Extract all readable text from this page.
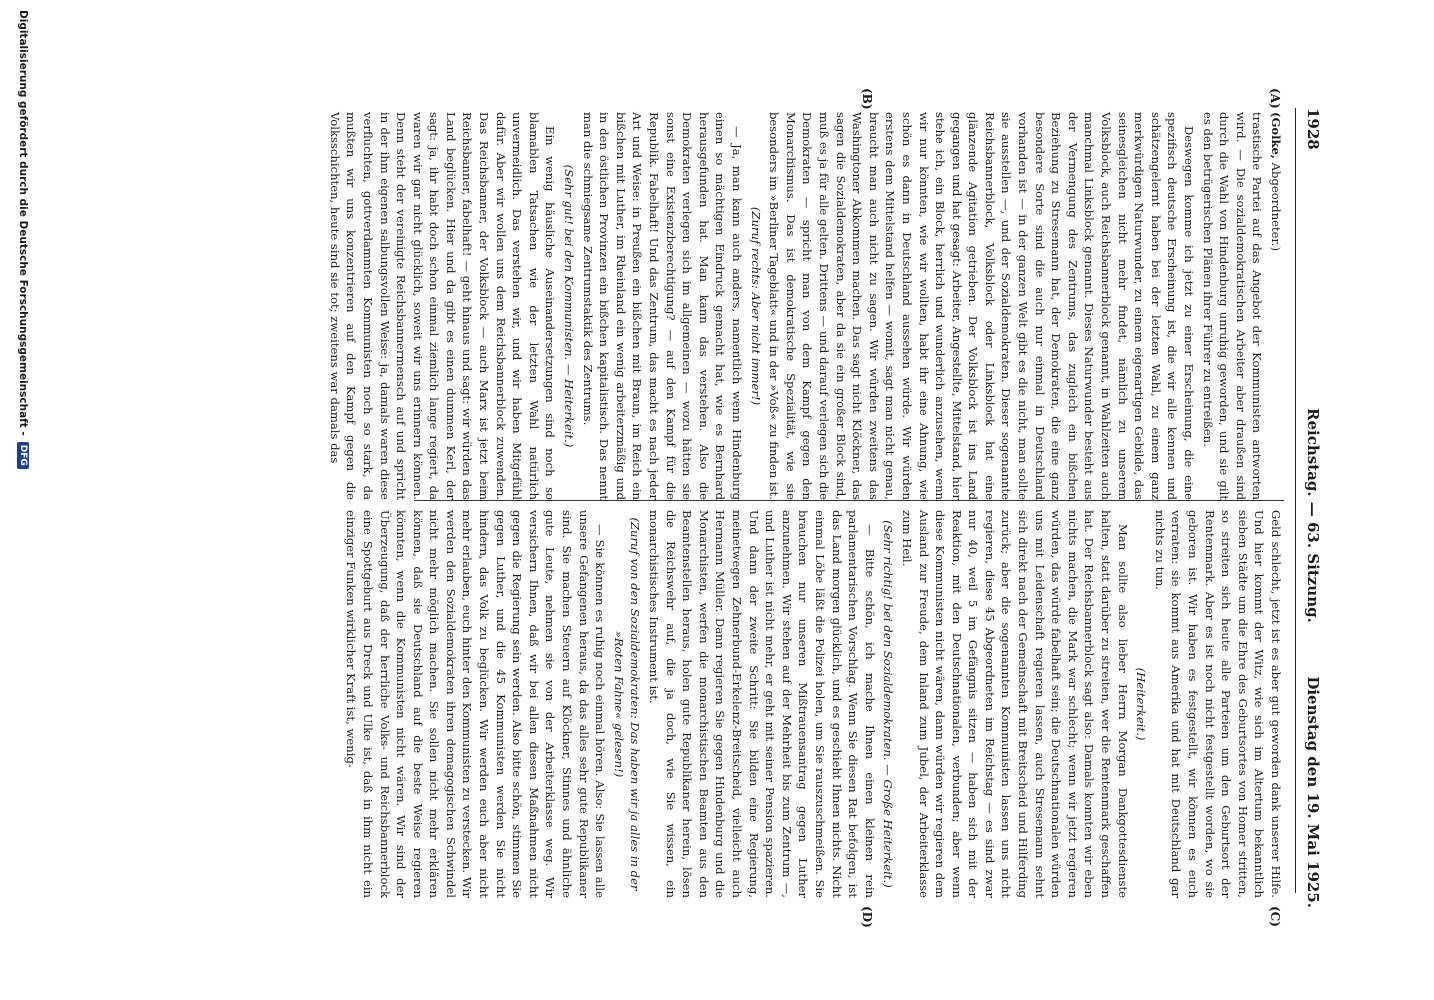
1928
Reichstag. — 63. Sitzung.
Dienstag den 19. Mai 1925.
(A)
(B)
(C)
(D)

(Golke, Abgeordneter.)

trastische Partei auf das Angebot der Kommunisten antworten wird. — Die sozialdemokratischen Arbeiter aber draußen sind durch die Wahl von Hindenburg unruhig geworden, und sie gilt es den betrügerischen Plänen ihrer Führer zu entreißen.

Deswegen komme ich jetzt zu einer Erscheinung, die eine spezifisch deutsche Erscheinung ist, die wir alle kennen und schätzengelernt haben bei der letzten Wahl, zu einem ganz merkwürdigen Naturwunder, zu einem eigenartigen Gebilde, das seinesgleichen nicht mehr findet, nämlich zu unserem Volksblock, auch Reichsbannerblock genannt, in Wahlzeiten auch manchmal Linksblock genannt. Dieses Naturwunder besteht aus der Vermengung des Zentrums, das zugleich ein bißchen Beziehung zu Stresemann hat, der Demokraten, die eine ganz besondere Sorte sind die auch nur einmal in Deutschland vorhanden ist — in der ganzen Welt gibt es die nicht, man sollte sie ausstellen —, und der Sozialdemokraten. Dieser sogenannte Reichsbannerblock, Volksblock oder Linksblock hat eine glänzende Agitation getrieben. Der Volksblock ist ins Land gegangen und hat gesagt: Arbeiter, Angestellte, Mittelstand, hier stehe ich, ein Block, herrlich und wunderlich anzusehen, wenn wir nur könnten, wie wir wollten, habt ihr eine Ahnung, wie schön es dann in Deutschland aussehen würde. Wir würden erstens dem Mittelstand helfen — womit, sagt man nicht genau, braucht man auch nicht zu sagen. Wir würden zweitens das Washingtoner Abkommen machen. Das sagt nicht Klöckner, das sagen die Sozialdemokraten, aber da sie ein großer Block sind, muß es ja für alle gelten. Drittens — und darauf verlegen sich die Demokraten — spricht man von dem Kampf gegen den Monarchismus. Das ist demokratische Spezialität, wie sie besonders im »Berliner Tageblatt« und in der »Voß« zu finden ist.

(Zuruf rechts: Aber nicht immer!)

— Ja, man kann auch anders, namentlich wenn Hindenburg einen so mächtigen Eindruck gemacht hat, wie es Bernhard herausgefunden hat. Man kann das verstehen. Also die Demokraten verlegen sich im allgemeinen — wozu hätten sie sonst eine Existenzberechtigung? — auf den Kampf für die Republik. Fabelhaft! Und das Zentrum, das macht es nach jeder Art und Weise: in Preußen ein bißchen mit Braun, im Reich ein bißchen mit Luther, im Rheinland ein wenig arbeiterzmäßig und in den östlichen Provinzen ein bißchen kapitalistisch. Das nennt man die schmiegsame Zentrumstaktik des Zentrums.

(Sehr gut! bei den Kommunisten. — Heiterkeit.)

Ein wenig häusliche Auseinandersetzungen sind noch so blamablen Tatsachen wie der letzten Wahl natürlich unvermeidlich. Das verstehen wir, und wir haben Mitgefühl dafür. Aber wir wollen uns dem Reichsbannerblock zuwenden. Das Reichsbanner, der Volksblock — auch Marx ist jetzt beim Reichsbanner, fabelhaft! — geht hinaus und sagt: wir würden das Land beglücken. Hier und da gibt es einen dummen Kerl, der sagt: ja, ihr habt doch schon einmal ziemlich lange regiert, da waren wir gar nicht glücklich, soweit wir uns erinnern können. Denn steht der vereinigte Reichsbannermensch auf und spricht in der ihm eigenen salbungsvollen Weise: ja, damals waren diese verfluchten, gottverdammten Kommunisten noch so stark, da mußten wir uns konzentrieren auf den Kampf gegen die Volksschichten, heute sind sie tot; zweitens war damals das

Geld schlecht, jetzt ist es aber gut geworden dank unserer Hilfe. Und hier kommt der Witz, wie sich im Altertum bekanntlich sieben Städte um die Ehre des Geburtsortes von Homer stritten, so streiten sich heute alle Parteien um den Geburtsort der Rentenmark. Aber es ist noch nicht festgestellt worden, wo sie geboren ist. Wir haben es festgestellt, wir können es euch verraten: sie kommt aus Amerika und hat mit Deutschland gar nichts zu tun.

(Heiterkeit.)

Man sollte also lieber Herrn Morgan Dankgottesdienste halten, statt darüber zu streiten, wer die Rentenmark geschaffen hat. Der Reichsbannerblock sagt also: Damals konnten wir eben nichts machen, die Mark war schlecht; wenn wir jetzt regieren würden, das würde fabelhaft sein; die Deutschnationalen würden uns mit Leidenschaft regieren lassen, auch Stresemann sehnt sich direkt nach der Gemeinschaft mit Breitscheid und Hilferding zurück; aber die sogenannten Kommunisten lassen uns nicht regieren, diese 45 Abgeordneten im Reichstag — es sind zwar nur 40, weil 5 im Gefängnis sitzen — haben sich mit der Reaktion, mit den Deutschnationalen, verbunden; aber wenn diese Kommunisten nicht wären, dann würden wir regieren dem Ausland zur Freude, dem Inland zum Jubel, der Arbeiterklasse zum Heil.

(Sehr richtig! bei den Sozialdemokraten. — Große Heiterkeit.)

— Bitte schön, ich mache Ihnen einen kleinen rein parlamentarischen Vorschlag. Wenn Sie diesen Rat befolgen, ist das Land morgen glücklich, und es geschieht Ihnen nichts. Nicht einmal Löbe läßt die Polizei holen, um Sie rauszuschmeißen. Sie brauchen nur unseren Mißtrauensantrag gegen Luther anzunehmen. Wir stehen auf der Mehrheit bis zum Zentrum —, und Luther ist nicht mehr, er geht mit seiner Pension spazieren. Und dann der zweite Schritt: Sie bilden eine Regierung, meinetwegen Zehnerbund-Erkelenz-Breitscheid, vielleicht auch Hermann Müller. Dann regieren Sie gegen Hindenburg und die Monarchisten, werfen die monarchistischen Beamten aus den Beamtenstellen heraus, holen gute Republikaner herein, lösen die Reichswehr auf, die ja doch, wie Sie wissen, ein monarchistisches Instrument ist.

(Zuruf von den Sozialdemokraten: Das haben wir ja alles in der »Roten Fahne« gelesen!)

— Sie können es ruhig noch einmal hören. Also: Sie lassen alle unsere Gefangenen heraus, da das alles sehr gute Republikaner sind. Sie machen Steuern auf Klöckner, Stinnes und ähnliche gute Leute, nehmen sie von der Arbeiterklasse weg. Wir versichern Ihnen, daß wir bei allen diesen Maßnahmen nicht gegen die Regierung sein werden. Also bitte schön, stimmen Sie gegen Luther, und die 45 Kommunisten werden Sie nicht hindern, das Volk zu beglücken. Wir werden euch aber nicht mehr erlauben, euch hinter den Kommunisten zu verstecken. Wir werden den Sozialdemokraten ihren demagogischen Schwindel nicht mehr möglich machen. Sie sollen nicht mehr erklären können, daß sie Deutschland auf die beste Weise regieren könnten, wenn die Kommunisten nicht wären. Wir sind der Überzeugung, daß der herrliche Volks- und Reichsbannerblock eine Spottgeburt aus Dreck und Ulke ist, daß in ihm nicht ein einziger Funken wirklicher Kraft ist, wenig-

Digitalisierung gefördert durch die Deutsche Forschungsgemeinschaft -
DFG
